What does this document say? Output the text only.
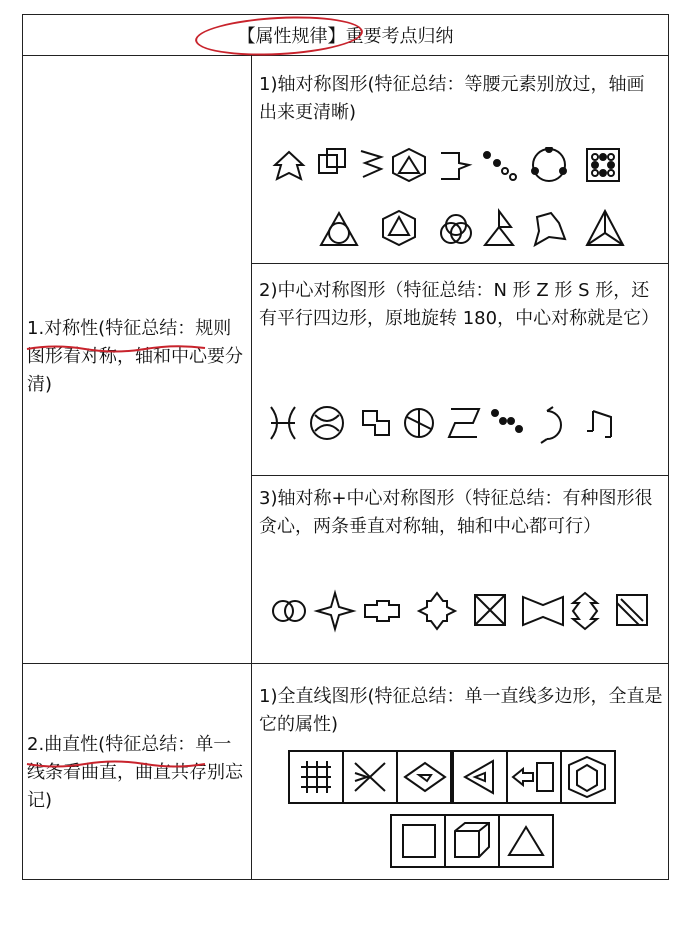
【属性规律】重要考点归纳
1.对称性(特征总结：规则图形看对称，轴和中心要分清)
2.曲直性(特征总结：单一线条看曲直，曲直共存别忘记)
1)轴对称图形(特征总结：等腰元素别放过，轴画出来更清晰)
2)中心对称图形（特征总结：N 形 Z 形 S 形，还有平行四边形，原地旋转 180，中心对称就是它）
3)轴对称+中心对称图形（特征总结：有种图形很贪心，两条垂直对称轴，轴和中心都可行）
1)全直线图形(特征总结：单一直线多边形，全直是它的属性)
